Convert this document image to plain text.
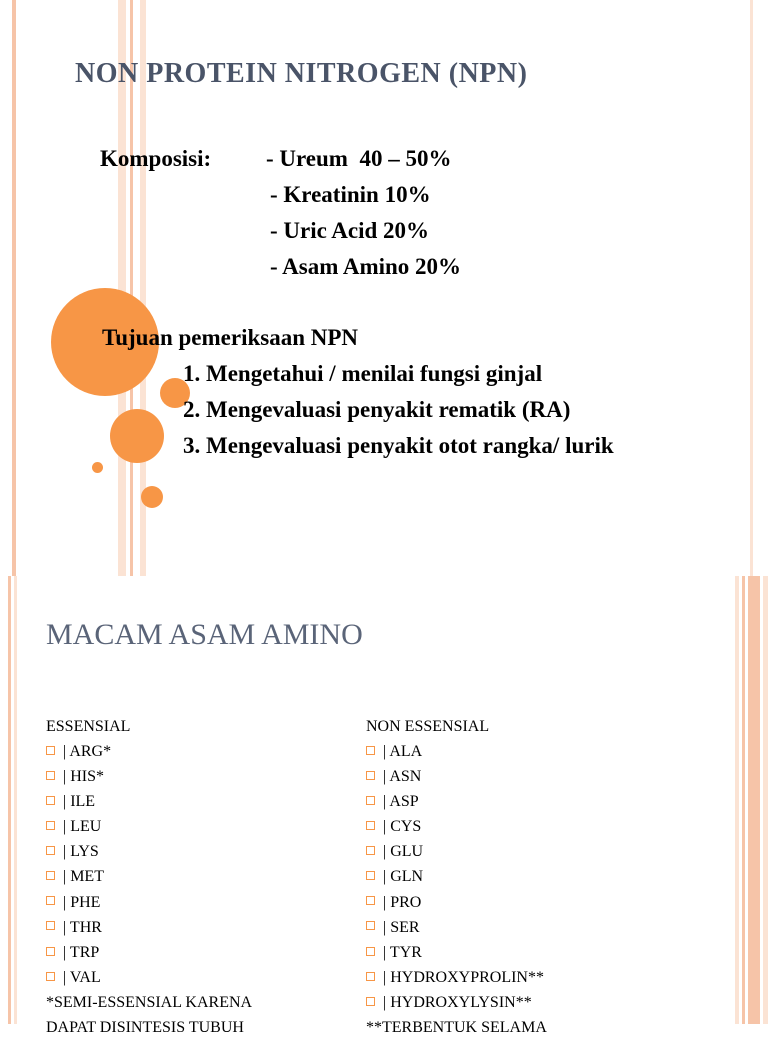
NON PROTEIN NITROGEN (NPN)
Komposisi: - Ureum  40 – 50%
- Kreatinin 10%
- Uric Acid 20%
- Asam Amino 20%
Tujuan pemeriksaan NPN
1. Mengetahui / menilai fungsi ginjal
2. Mengevaluasi penyakit rematik (RA)
3. Mengevaluasi penyakit otot rangka/ lurik
MACAM ASAM AMINO
ESSENSIAL
| ARG*
| HIS*
| ILE
| LEU
| LYS
| MET
| PHE
| THR
| TRP
| VAL
*SEMI-ESSENSIAL KARENA
DAPAT DISINTESIS TUBUH
NON ESSENSIAL
| ALA
| ASN
| ASP
| CYS
| GLU
| GLN
| PRO
| SER
| TYR
| HYDROXYPROLIN**
| HYDROXYLYSIN**
**TERBENTUK SELAMA
